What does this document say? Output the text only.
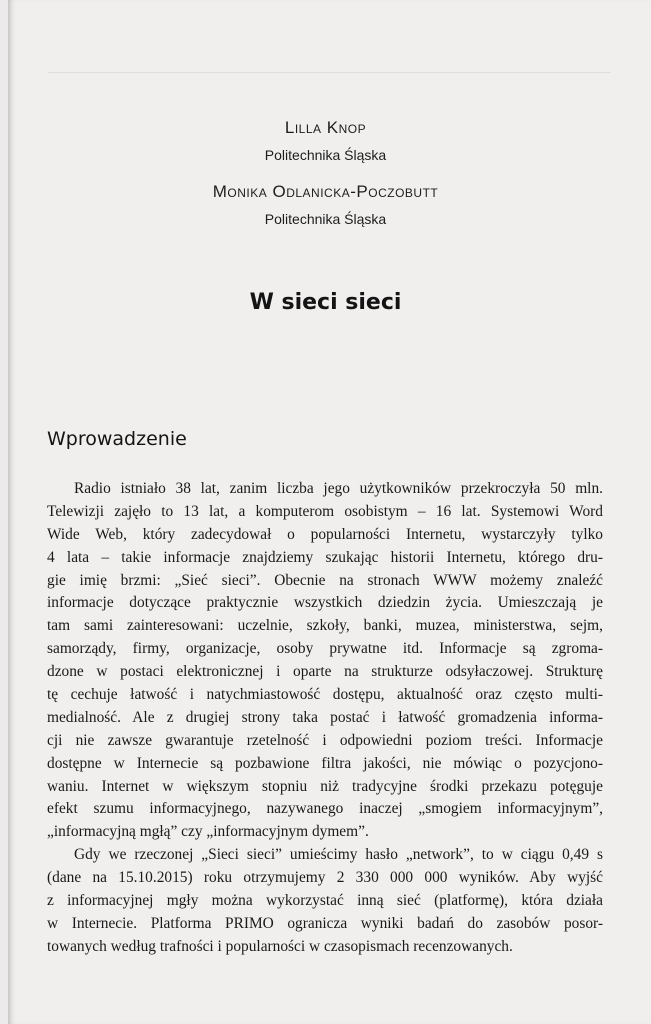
Lilla Knop
Politechnika Śląska
Monika Odlanicka-Poczobutt
Politechnika Śląska
W sieci sieci
Wprowadzenie
Radio istniało 38 lat, zanim liczba jego użytkowników przekroczyła 50 mln.
Telewizji zajęło to 13 lat, a komputerom osobistym – 16 lat. Systemowi Word
Wide Web, który zadecydował o popularności Internetu, wystarczyły tylko
4 lata – takie informacje znajdziemy szukając historii Internetu, którego dru-
gie imię brzmi: „Sieć sieci”. Obecnie na stronach WWW możemy znaleźć
informacje dotyczące praktycznie wszystkich dziedzin życia. Umieszczają je
tam sami zainteresowani: uczelnie, szkoły, banki, muzea, ministerstwa, sejm,
samorządy, firmy, organizacje, osoby prywatne itd. Informacje są zgroma-
dzone w postaci elektronicznej i oparte na strukturze odsyłaczowej. Strukturę
tę cechuje łatwość i natychmiastowość dostępu, aktualność oraz często multi-
medialność. Ale z drugiej strony taka postać i łatwość gromadzenia informa-
cji nie zawsze gwarantuje rzetelność i odpowiedni poziom treści. Informacje
dostępne w Internecie są pozbawione filtra jakości, nie mówiąc o pozycjono-
waniu. Internet w większym stopniu niż tradycyjne środki przekazu potęguje
efekt szumu informacyjnego, nazywanego inaczej „smogiem informacyjnym”,
„informacyjną mgłą” czy „informacyjnym dymem”.
Gdy we rzeczonej „Sieci sieci” umieścimy hasło „network”, to w ciągu 0,49 s
(dane na 15.10.2015) roku otrzymujemy 2 330 000 000 wyników. Aby wyjść
z informacyjnej mgły można wykorzystać inną sieć (platformę), która działa
w Internecie. Platforma PRIMO ogranicza wyniki badań do zasobów posor-
towanych według trafności i popularności w czasopismach recenzowanych.
